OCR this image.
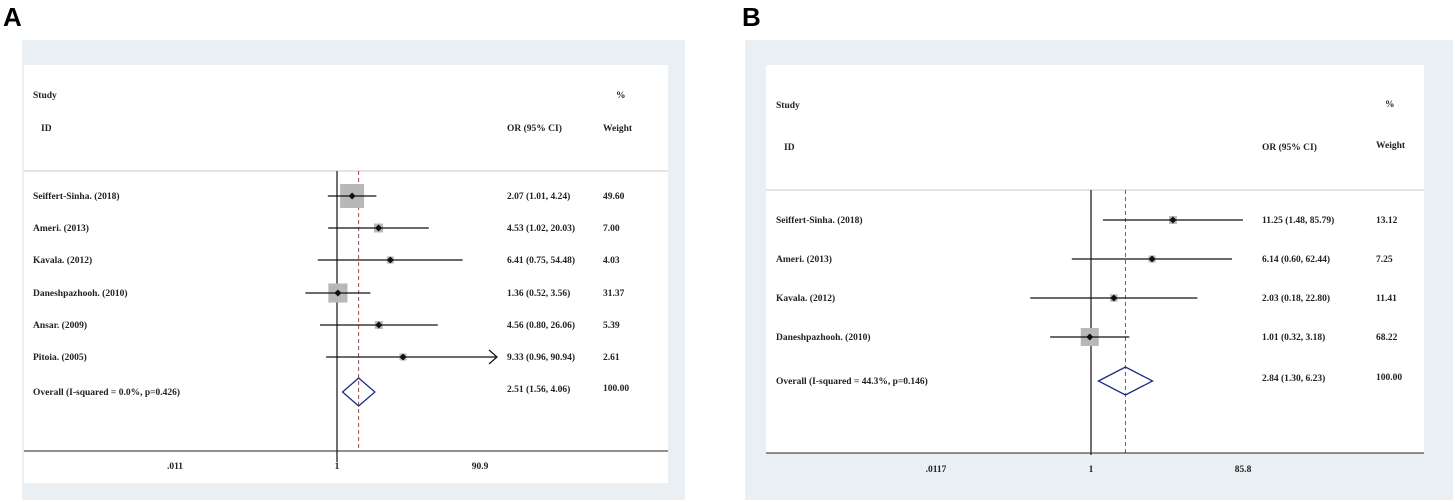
A	B
Study
ID	OR (95% CI)
%
Weight
.011	1	90.9
Seiffert-Sinha. (2018)	2.07 (1.01, 4.24)	49.60
Ameri. (2013)	4.53 (1.02, 20.03)	7.00
Kavala. (2012)	6.41 (0.75, 54.48)	4.03
Daneshpazhooh. (2010)	1.36 (0.52, 3.56)	31.37
Ansar. (2009)	4.56 (0.80, 26.06)	5.39
Pitoia. (2005)	9.33 (0.96, 90.94)	2.61
Overall (I-squared = 0.0%, p=0.426)	2.51 (1.56, 4.06)	100.00
Study
ID	OR (95% CI)
%
Weight
.0117	1	85.8
Seiffert-Sinha. (2018)	11.25 (1.48, 85.79)	13.12
Ameri. (2013)	6.14 (0.60, 62.44)	7.25
Kavala. (2012)	2.03 (0.18, 22.80)	11.41
Daneshpazhooh. (2010)	1.01 (0.32, 3.18)	68.22
Overall (I-squared = 44.3%, p=0.146)	2.84 (1.30, 6.23)	100.00
